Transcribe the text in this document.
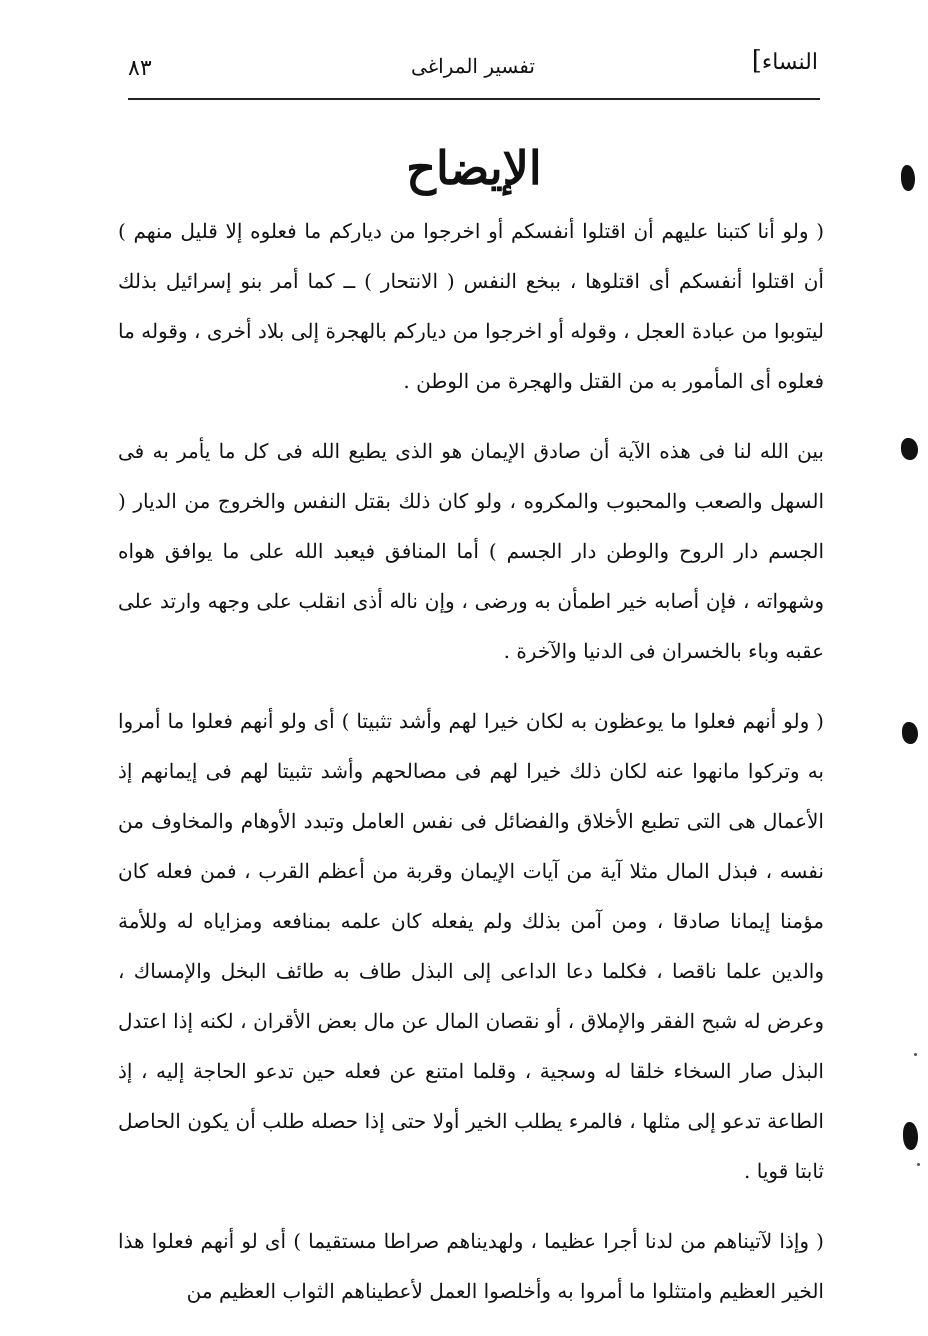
النساء]
تفسير المراغى
٨٣
الإيضاح

( ولو أنا كتبنا عليهم أن اقتلوا أنفسكم أو اخرجوا من دياركم ما فعلوه إلا قليل منهم ) أن اقتلوا أنفسكم أى اقتلوها ، ببخع النفس ( الانتحار ) ــ كما أمر بنو إسرائيل بذلك ليتوبوا من عبادة العجل ، وقوله أو اخرجوا من دياركم بالهجرة إلى بلاد أخرى ، وقوله ما فعلوه أى المأمور به من القتل والهجرة من الوطن .

بين الله لنا فى هذه الآية أن صادق الإيمان هو الذى يطيع الله فى كل ما يأمر به فى السهل والصعب والمحبوب والمكروه ، ولو كان ذلك بقتل النفس والخروج من الديار ( الجسم دار الروح والوطن دار الجسم ) أما المنافق فيعبد الله على ما يوافق هواه وشهواته ، فإن أصابه خير اطمأن به ورضى ، وإن ناله أذى انقلب على وجهه وارتد على عقبه وباء بالخسران فى الدنيا والآخرة .

( ولو أنهم فعلوا ما يوعظون به لكان خيرا لهم وأشد تثبيتا ) أى ولو أنهم فعلوا ما أمروا به وتركوا مانهوا عنه لكان ذلك خيرا لهم فى مصالحهم وأشد تثبيتا لهم فى إيمانهم إذ الأعمال هى التى تطبع الأخلاق والفضائل فى نفس العامل وتبدد الأوهام والمخاوف من نفسه ، فبذل المال مثلا آية من آيات الإيمان وقربة من أعظم القرب ، فمن فعله كان مؤمنا إيمانا صادقا ، ومن آمن بذلك ولم يفعله كان علمه بمنافعه ومزاياه له وللأمة والدين علما ناقصا ، فكلما دعا الداعى إلى البذل طاف به طائف البخل والإمساك ، وعرض له شبح الفقر والإملاق ، أو نقصان المال عن مال بعض الأقران ، لكنه إذا اعتدل البذل صار السخاء خلقا له وسجية ، وقلما امتنع عن فعله حين تدعو الحاجة إليه ، إذ الطاعة تدعو إلى مثلها ، فالمرء يطلب الخير أولا حتى إذا حصله طلب أن يكون الحاصل ثابتا قويا .

( وإذا لآتيناهم من لدنا أجرا عظيما ، ولهديناهم صراطا مستقيما ) أى لو أنهم فعلوا هذا الخير العظيم وامتثلوا ما أمروا به وأخلصوا العمل لأعطيناهم الثواب العظيم من
